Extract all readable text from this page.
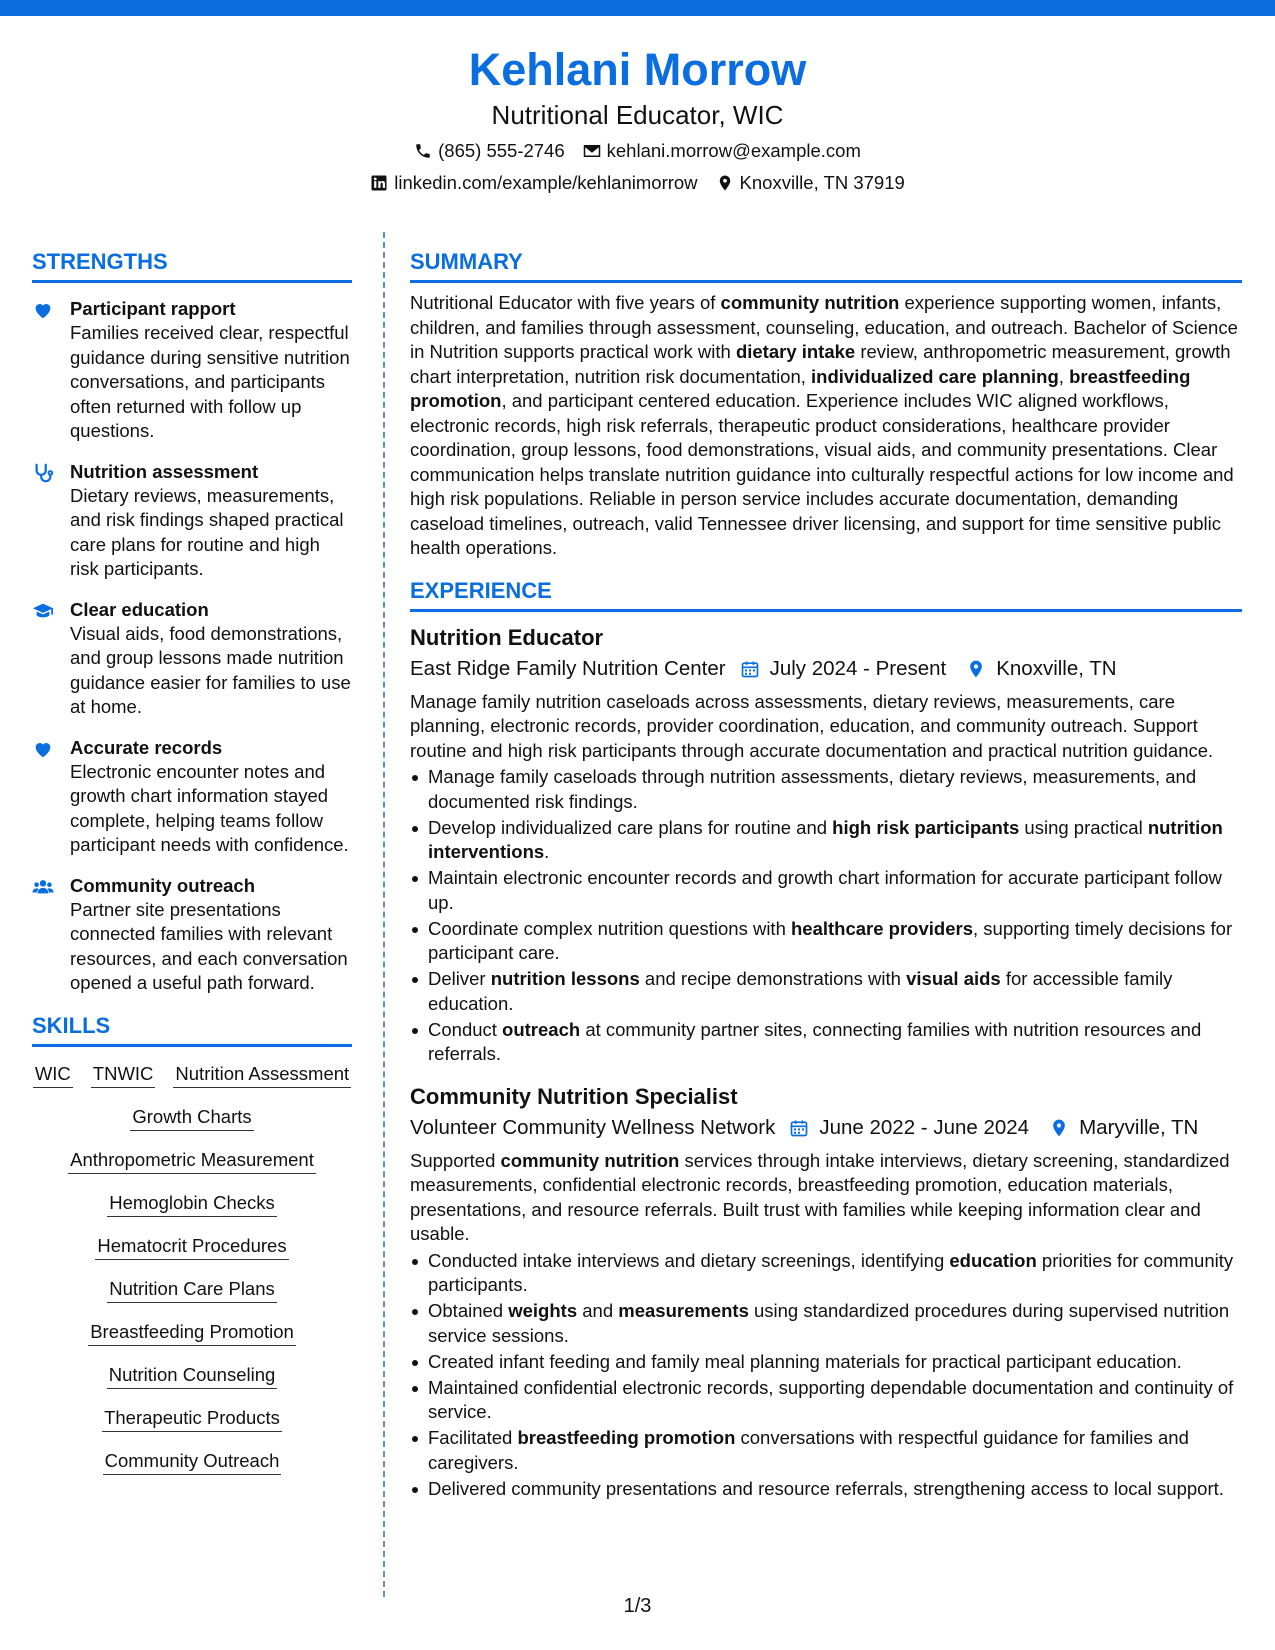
Kehlani Morrow
Nutritional Educator, WIC
(865) 555-2746 kehlani.morrow@example.com
linkedin.com/example/kehlanimorrow Knoxville, TN 37919
STRENGTHS
Participant rapport
Families received clear, respectful guidance during sensitive nutrition conversations, and participants often returned with follow up questions.
Nutrition assessment
Dietary reviews, measurements, and risk findings shaped practical care plans for routine and high risk participants.
Clear education
Visual aids, food demonstrations, and group lessons made nutrition guidance easier for families to use at home.
Accurate records
Electronic encounter notes and growth chart information stayed complete, helping teams follow participant needs with confidence.
Community outreach
Partner site presentations connected families with relevant resources, and each conversation opened a useful path forward.
SKILLS
WIC TNWIC Nutrition Assessment
Growth Charts
Anthropometric Measurement
Hemoglobin Checks
Hematocrit Procedures
Nutrition Care Plans
Breastfeeding Promotion
Nutrition Counseling
Therapeutic Products
Community Outreach
SUMMARY
Nutritional Educator with five years of community nutrition experience supporting women, infants, children, and families through assessment, counseling, education, and outreach. Bachelor of Science in Nutrition supports practical work with dietary intake review, anthropometric measurement, growth chart interpretation, nutrition risk documentation, individualized care planning, breastfeeding promotion, and participant centered education. Experience includes WIC aligned workflows, electronic records, high risk referrals, therapeutic product considerations, healthcare provider coordination, group lessons, food demonstrations, visual aids, and community presentations. Clear communication helps translate nutrition guidance into culturally respectful actions for low income and high risk populations. Reliable in person service includes accurate documentation, demanding caseload timelines, outreach, valid Tennessee driver licensing, and support for time sensitive public health operations.
EXPERIENCE
Nutrition Educator
East Ridge Family Nutrition Center July 2024 - Present Knoxville, TN
Manage family nutrition caseloads across assessments, dietary reviews, measurements, care planning, electronic records, provider coordination, education, and community outreach. Support routine and high risk participants through accurate documentation and practical nutrition guidance.
Manage family caseloads through nutrition assessments, dietary reviews, measurements, and documented risk findings.
Develop individualized care plans for routine and high risk participants using practical nutrition interventions.
Maintain electronic encounter records and growth chart information for accurate participant follow up.
Coordinate complex nutrition questions with healthcare providers, supporting timely decisions for participant care.
Deliver nutrition lessons and recipe demonstrations with visual aids for accessible family education.
Conduct outreach at community partner sites, connecting families with nutrition resources and referrals.
Community Nutrition Specialist
Volunteer Community Wellness Network June 2022 - June 2024 Maryville, TN
Supported community nutrition services through intake interviews, dietary screening, standardized measurements, confidential electronic records, breastfeeding promotion, education materials, presentations, and resource referrals. Built trust with families while keeping information clear and usable.
Conducted intake interviews and dietary screenings, identifying education priorities for community participants.
Obtained weights and measurements using standardized procedures during supervised nutrition service sessions.
Created infant feeding and family meal planning materials for practical participant education.
Maintained confidential electronic records, supporting dependable documentation and continuity of service.
Facilitated breastfeeding promotion conversations with respectful guidance for families and caregivers.
Delivered community presentations and resource referrals, strengthening access to local support.
1/3
